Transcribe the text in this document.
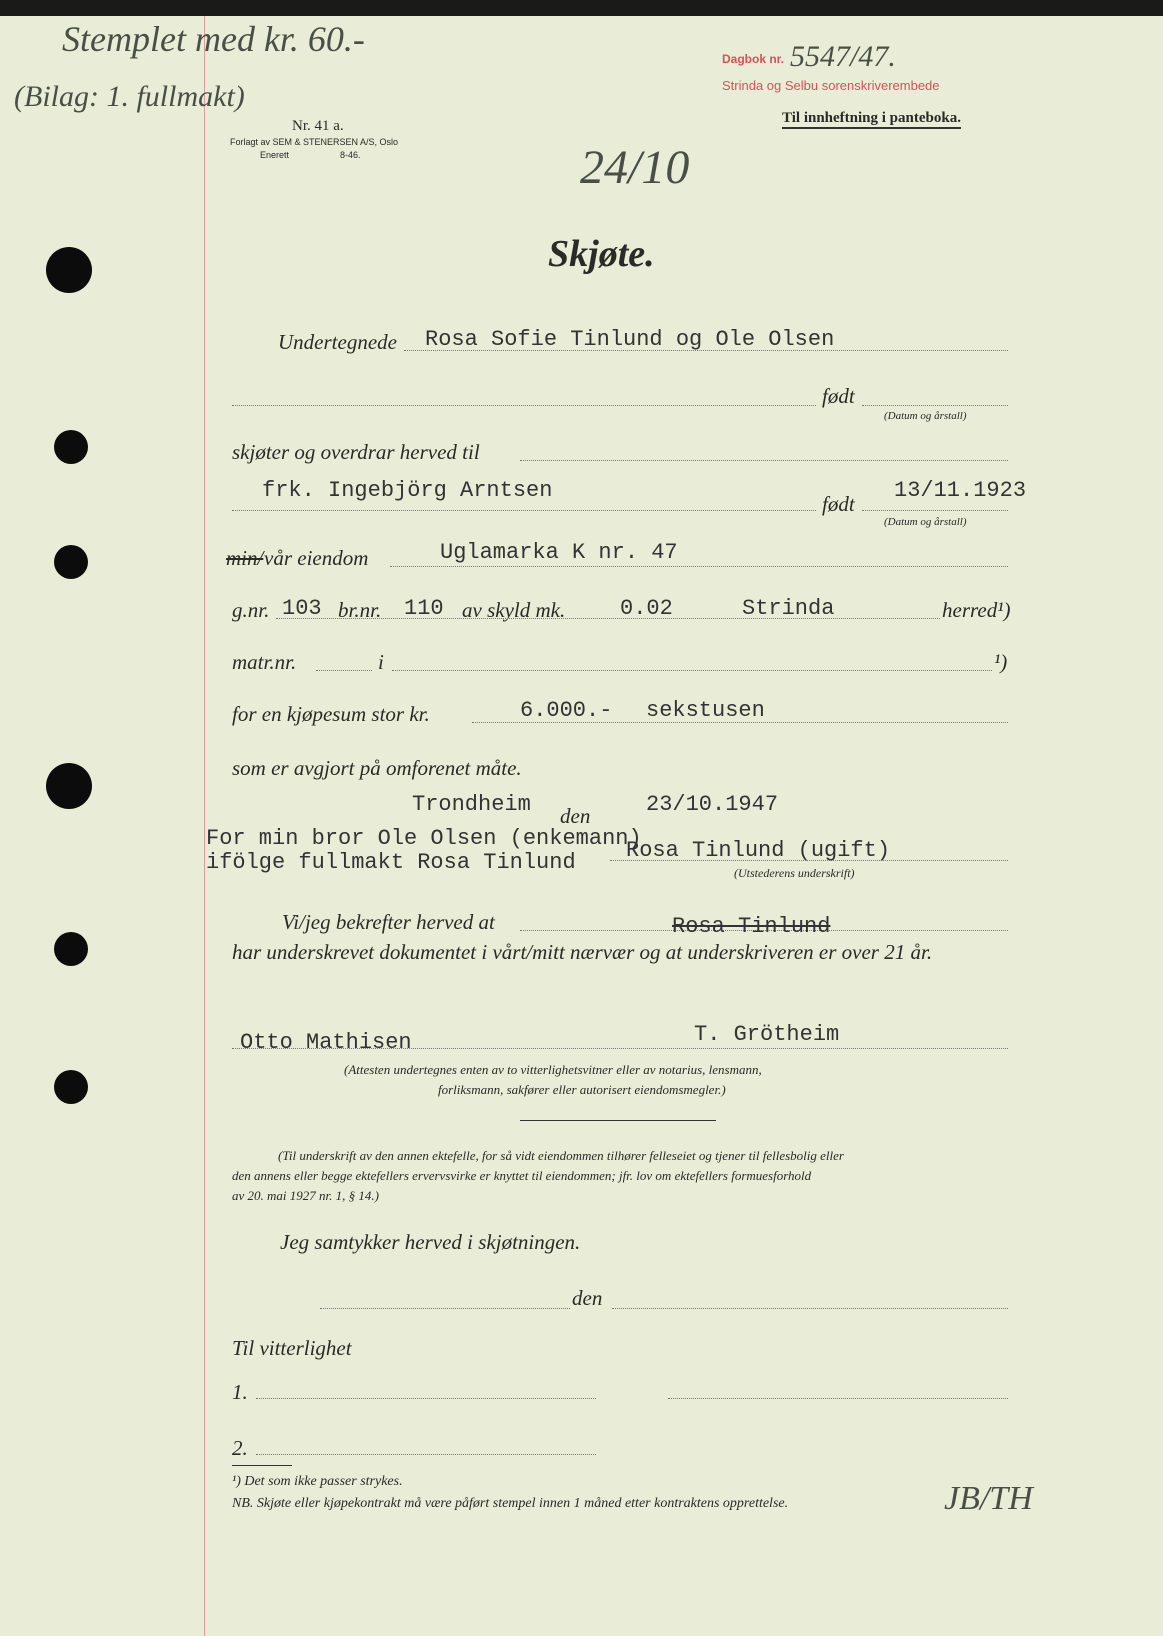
Stemplet med kr. 60.-
(Bilag: 1. fullmakt)
Nr. 41 a.
Forlagt av SEM & STENERSEN A/S, Oslo
Enerett	8-46.
Dagbok nr. 5547/47.
Strinda og Selbu sorenskriverembede
Til innheftning i panteboka.
24/10
Skjøte.
Undertegnede Rosa Sofie Tinlund og Ole Olsen
født
(Datum og årstall)
skjøter og overdrar herved til
frk. Ingebjörg Arntsen
født
13/11.1923
(Datum og årstall)
min/ vår eiendom	Uglamarka K nr. 47
g.nr. 103 br.nr. 110 av skyld mk. 0.02	Strinda	herred¹)
matr.nr.	i	¹)
for en kjøpesum stor kr.	6.000.- sekstusen
som er avgjort på omforenet måte.
Trondheim den	23/10.1947
For min bror Ole Olsen (enkemann)
ifölge fullmakt Rosa Tinlund Rosa Tinlund (ugift)
(Utstederens underskrift)
Vi/jeg bekrefter herved at	Rosa Tinlund
har underskrevet dokumentet i vårt/mitt nærvær og at underskriveren er over 21 år.
Otto Mathisen	T. Grötheim
(Attesten undertegnes enten av to vitterlighetsvitner eller av notarius, lensmann,
forliksmann, sakfører eller autorisert eiendomsmegler.)
(Til underskrift av den annen ektefelle, for så vidt eiendommen tilhører felleseiet og tjener til fellesbolig eller
den annens eller begge ektefellers ervervsvirke er knyttet til eiendommen; jfr. lov om ektefellers formuesforhold
av 20. mai 1927 nr. 1, § 14.)
Jeg samtykker herved i skjøtningen.
den
Til vitterlighet
1.
2.
¹) Det som ikke passer strykes.
NB. Skjøte eller kjøpekontrakt må være påført stempel innen 1 måned etter kontraktens opprettelse.	JB/TH
